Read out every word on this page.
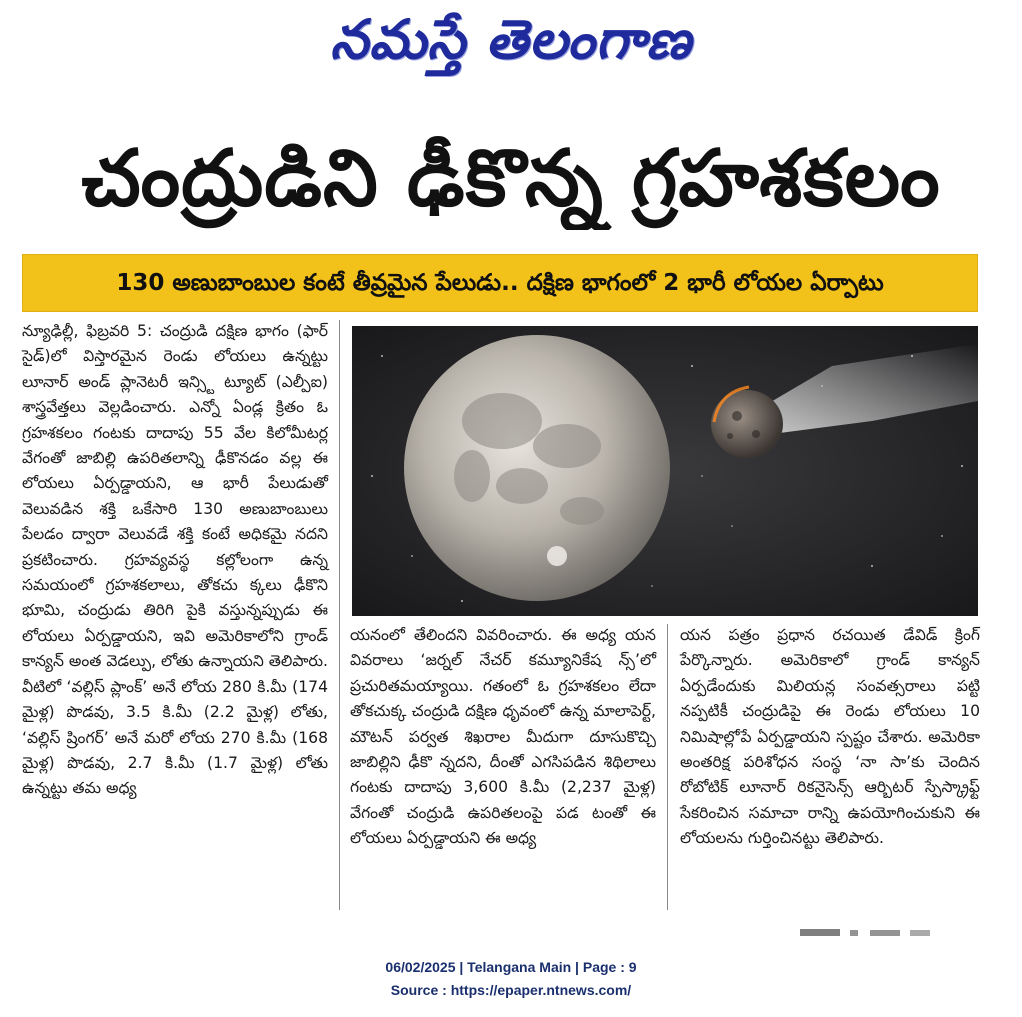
నమస్తే తెలంగాణ
చంద్రుడిని ఢీకొన్న గ్రహశకలం
130 అణుబాంబుల కంటే తీవ్రమైన పేలుడు.. దక్షిణ భాగంలో 2 భారీ లోయల ఏర్పాటు

న్యూఢిల్లీ, ఫిబ్రవరి 5: చంద్రుడి దక్షిణ భాగం (ఫార్ సైడ్)లో విస్తారమైన రెండు లోయలు ఉన్నట్టు లూనార్ అండ్ ప్లానెటరీ ఇన్స్టి ట్యూట్ (ఎల్పీఐ) శాస్త్రవేత్తలు వెల్లడించారు. ఎన్నో ఏండ్ల క్రితం ఓ గ్రహశకలం గంటకు దాదాపు 55 వేల కిలోమీటర్ల వేగంతో జాబిల్లి ఉపరితలాన్ని ఢీకొనడం వల్ల ఈ లోయలు ఏర్పడ్డాయని, ఆ భారీ పేలుడుతో వెలువడిన శక్తి ఒకేసారి 130 అణుబాంబులు పేలడం ద్వారా వెలువడే శక్తి కంటే అధికమై నదని ప్రకటించారు. గ్రహవ్యవస్థ కల్లోలంగా ఉన్న సమయంలో గ్రహశకలాలు, తోకచు క్కలు ఢీకొని భూమి, చంద్రుడు తిరిగి పైకి వస్తున్నప్పుడు ఈ లోయలు ఏర్పడ్డాయని, ఇవి అమెరికాలోని గ్రాండ్ కాన్యన్ అంత వెడల్పు, లోతు ఉన్నాయని తెలిపారు. వీటిలో ‘వల్లిస్ ప్లాంక్’ అనే లోయ 280 కి.మీ (174 మైళ్ల) పొడవు, 3.5 కి.మీ (2.2 మైళ్ల) లోతు, ‘వల్లిస్ ష్రింగర్’ అనే మరో లోయ 270 కి.మీ (168 మైళ్ల) పొడవు, 2.7 కి.మీ (1.7 మైళ్ల) లోతు ఉన్నట్టు తమ అధ్య

యనంలో తేలిందని వివరించారు. ఈ అధ్య యన వివరాలు ‘జర్నల్ నేచర్ కమ్యూనికేష న్స్’లో ప్రచురితమయ్యాయి. గతంలో ఓ గ్రహశకలం లేదా తోకచుక్క చంద్రుడి దక్షిణ ధృవంలో ఉన్న మాలాపెర్ట్, మౌటన్ పర్వత శిఖరాల మీదుగా దూసుకొచ్చి జాబిల్లిని ఢీకొ న్నదని, దీంతో ఎగసిపడిన శిథిలాలు గంటకు దాదాపు 3,600 కి.మీ (2,237 మైళ్ల) వేగంతో చంద్రుడి ఉపరితలంపై పడ టంతో ఈ లోయలు ఏర్పడ్డాయని ఈ అధ్య

యన పత్రం ప్రధాన రచయిత డేవిడ్ క్రింగ్ పేర్కొన్నారు. అమెరికాలో గ్రాండ్ కాన్యన్ ఏర్పడేందుకు మిలియన్ల సంవత్సరాలు పట్టి నప్పటికీ చంద్రుడిపై ఈ రెండు లోయలు 10 నిమిషాల్లోపే ఏర్పడ్డాయని స్పష్టం చేశారు. అమెరికా అంతరిక్ష పరిశోధన సంస్థ ‘నా సా’కు చెందిన రోబోటిక్ లూనార్ రికనైసెన్స్ ఆర్బిటర్ స్పేస్క్రాఫ్ట్ సేకరించిన సమాచా రాన్ని ఉపయోగించుకుని ఈ లోయలను గుర్తించినట్టు తెలిపారు.

06/02/2025 | Telangana Main | Page : 9
Source : https://epaper.ntnews.com/
